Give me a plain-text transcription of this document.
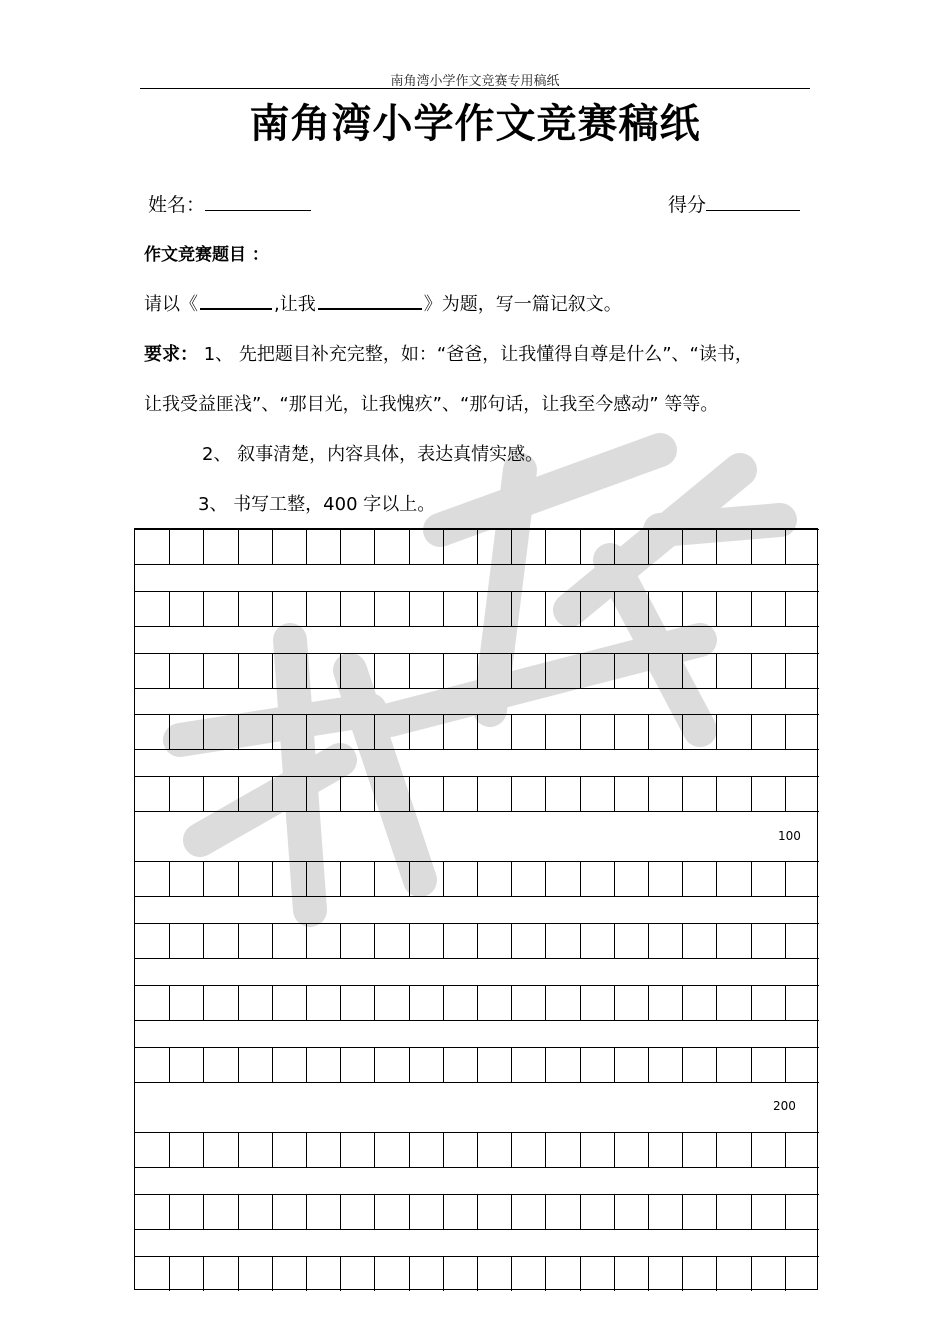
南角湾小学作文竞赛专用稿纸
南角湾小学作文竞赛稿纸
姓名：	得分
作文竞赛题目 ：
请以《	,让我	》为题，写一篇记叙文。
要求： 1、 先把题目补充完整，如：“爸爸，让我懂得自尊是什么”、“读书，
让我受益匪浅”、“那目光，让我愧疚”、“那句话，让我至今感动” 等等。
2、 叙事清楚，内容具体，表达真情实感。
3、 书写工整，400 字以上。
100
200
